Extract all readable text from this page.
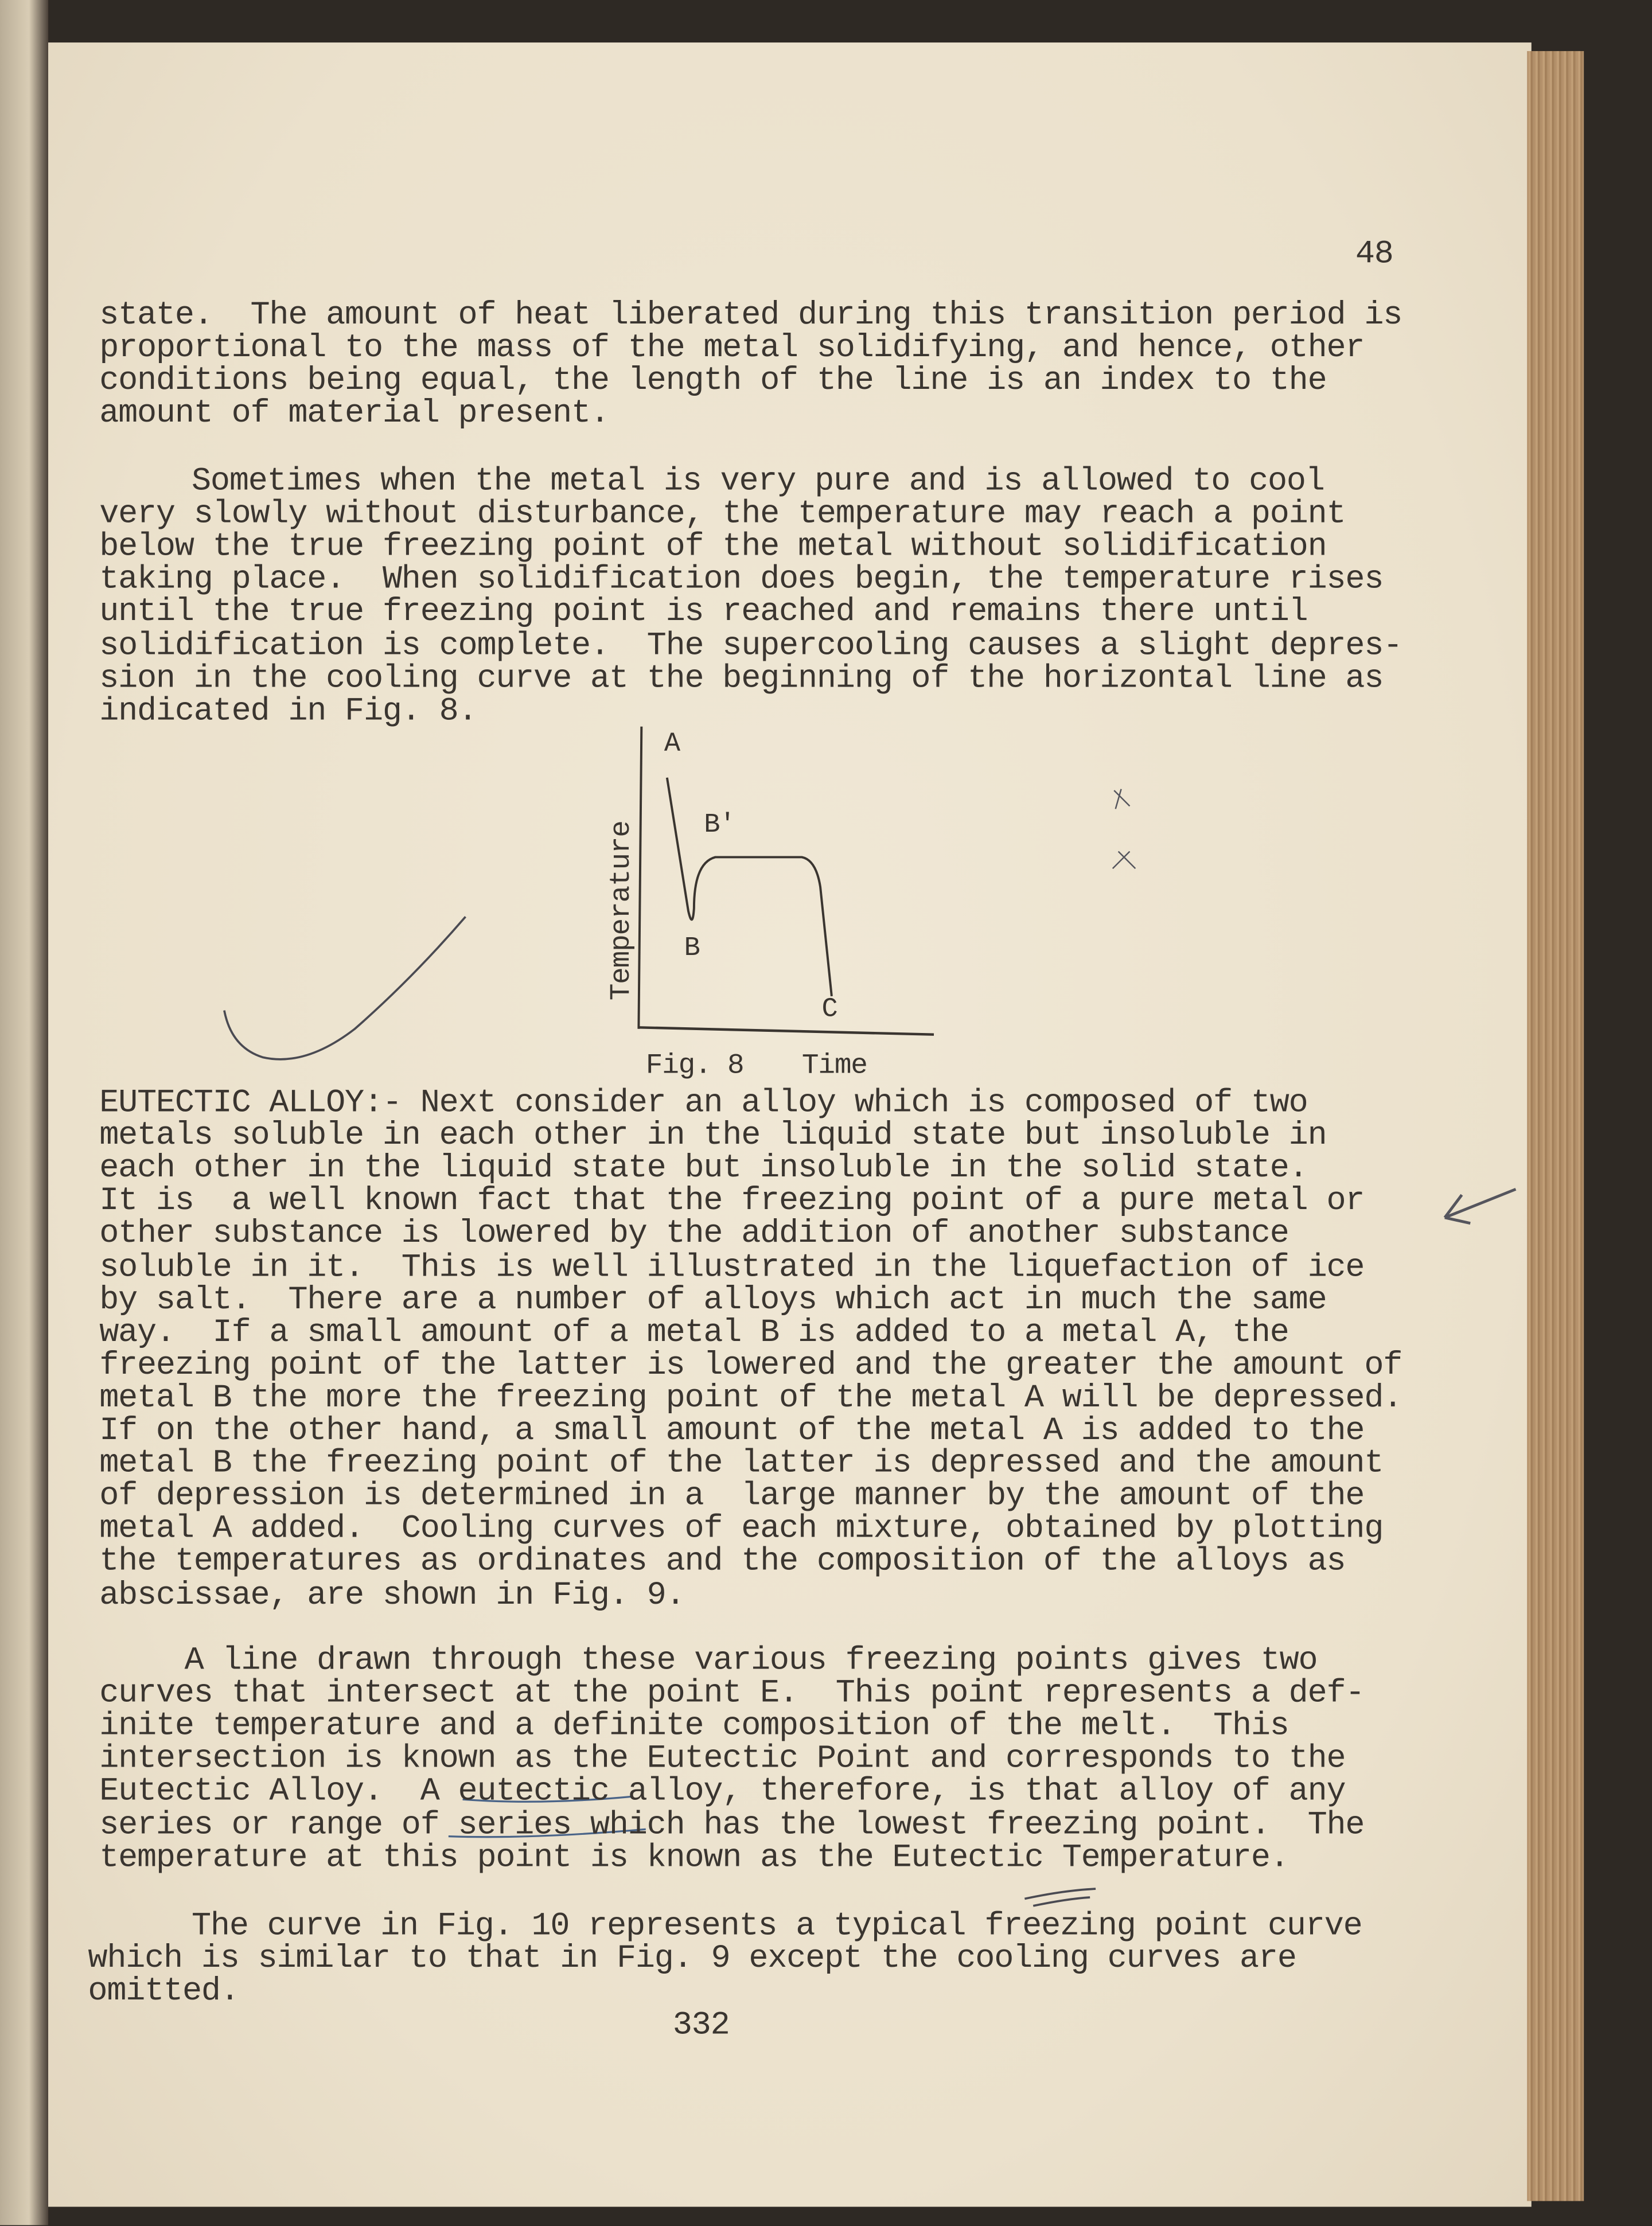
48
A
B'
B
C
Temperature
Fig. 8	Time
332
state.  The amount of heat liberated during this transition period is
proportional to the mass of the metal solidifying, and hence, other
conditions being equal, the length of the line is an index to the
amount of material present.
Sometimes when the metal is very pure and is allowed to cool
very slowly without disturbance, the temperature may reach a point
below the true freezing point of the metal without solidification
taking place.  When solidification does begin, the temperature rises
until the true freezing point is reached and remains there until
solidification is complete.  The supercooling causes a slight depres-
sion in the cooling curve at the beginning of the horizontal line as
indicated in Fig. 8.
EUTECTIC ALLOY:- Next consider an alloy which is composed of two
metals soluble in each other in the liquid state but insoluble in
each other in the liquid state but insoluble in the solid state.
It is  a well known fact that the freezing point of a pure metal or
other substance is lowered by the addition of another substance
soluble in it.  This is well illustrated in the liquefaction of ice
by salt.  There are a number of alloys which act in much the same
way.  If a small amount of a metal B is added to a metal A, the
freezing point of the latter is lowered and the greater the amount of
metal B the more the freezing point of the metal A will be depressed.
If on the other hand, a small amount of the metal A is added to the
metal B the freezing point of the latter is depressed and the amount
of depression is determined in a  large manner by the amount of the
metal A added.  Cooling curves of each mixture, obtained by plotting
the temperatures as ordinates and the composition of the alloys as
abscissae, are shown in Fig. 9.
A line drawn through these various freezing points gives two
curves that intersect at the point E.  This point represents a def-
inite temperature and a definite composition of the melt.  This
intersection is known as the Eutectic Point and corresponds to the
Eutectic Alloy.  A eutectic alloy, therefore, is that alloy of any
series or range of series which has the lowest freezing point.  The
temperature at this point is known as the Eutectic Temperature.
The curve in Fig. 10 represents a typical freezing point curve
which is similar to that in Fig. 9 except the cooling curves are
omitted.
